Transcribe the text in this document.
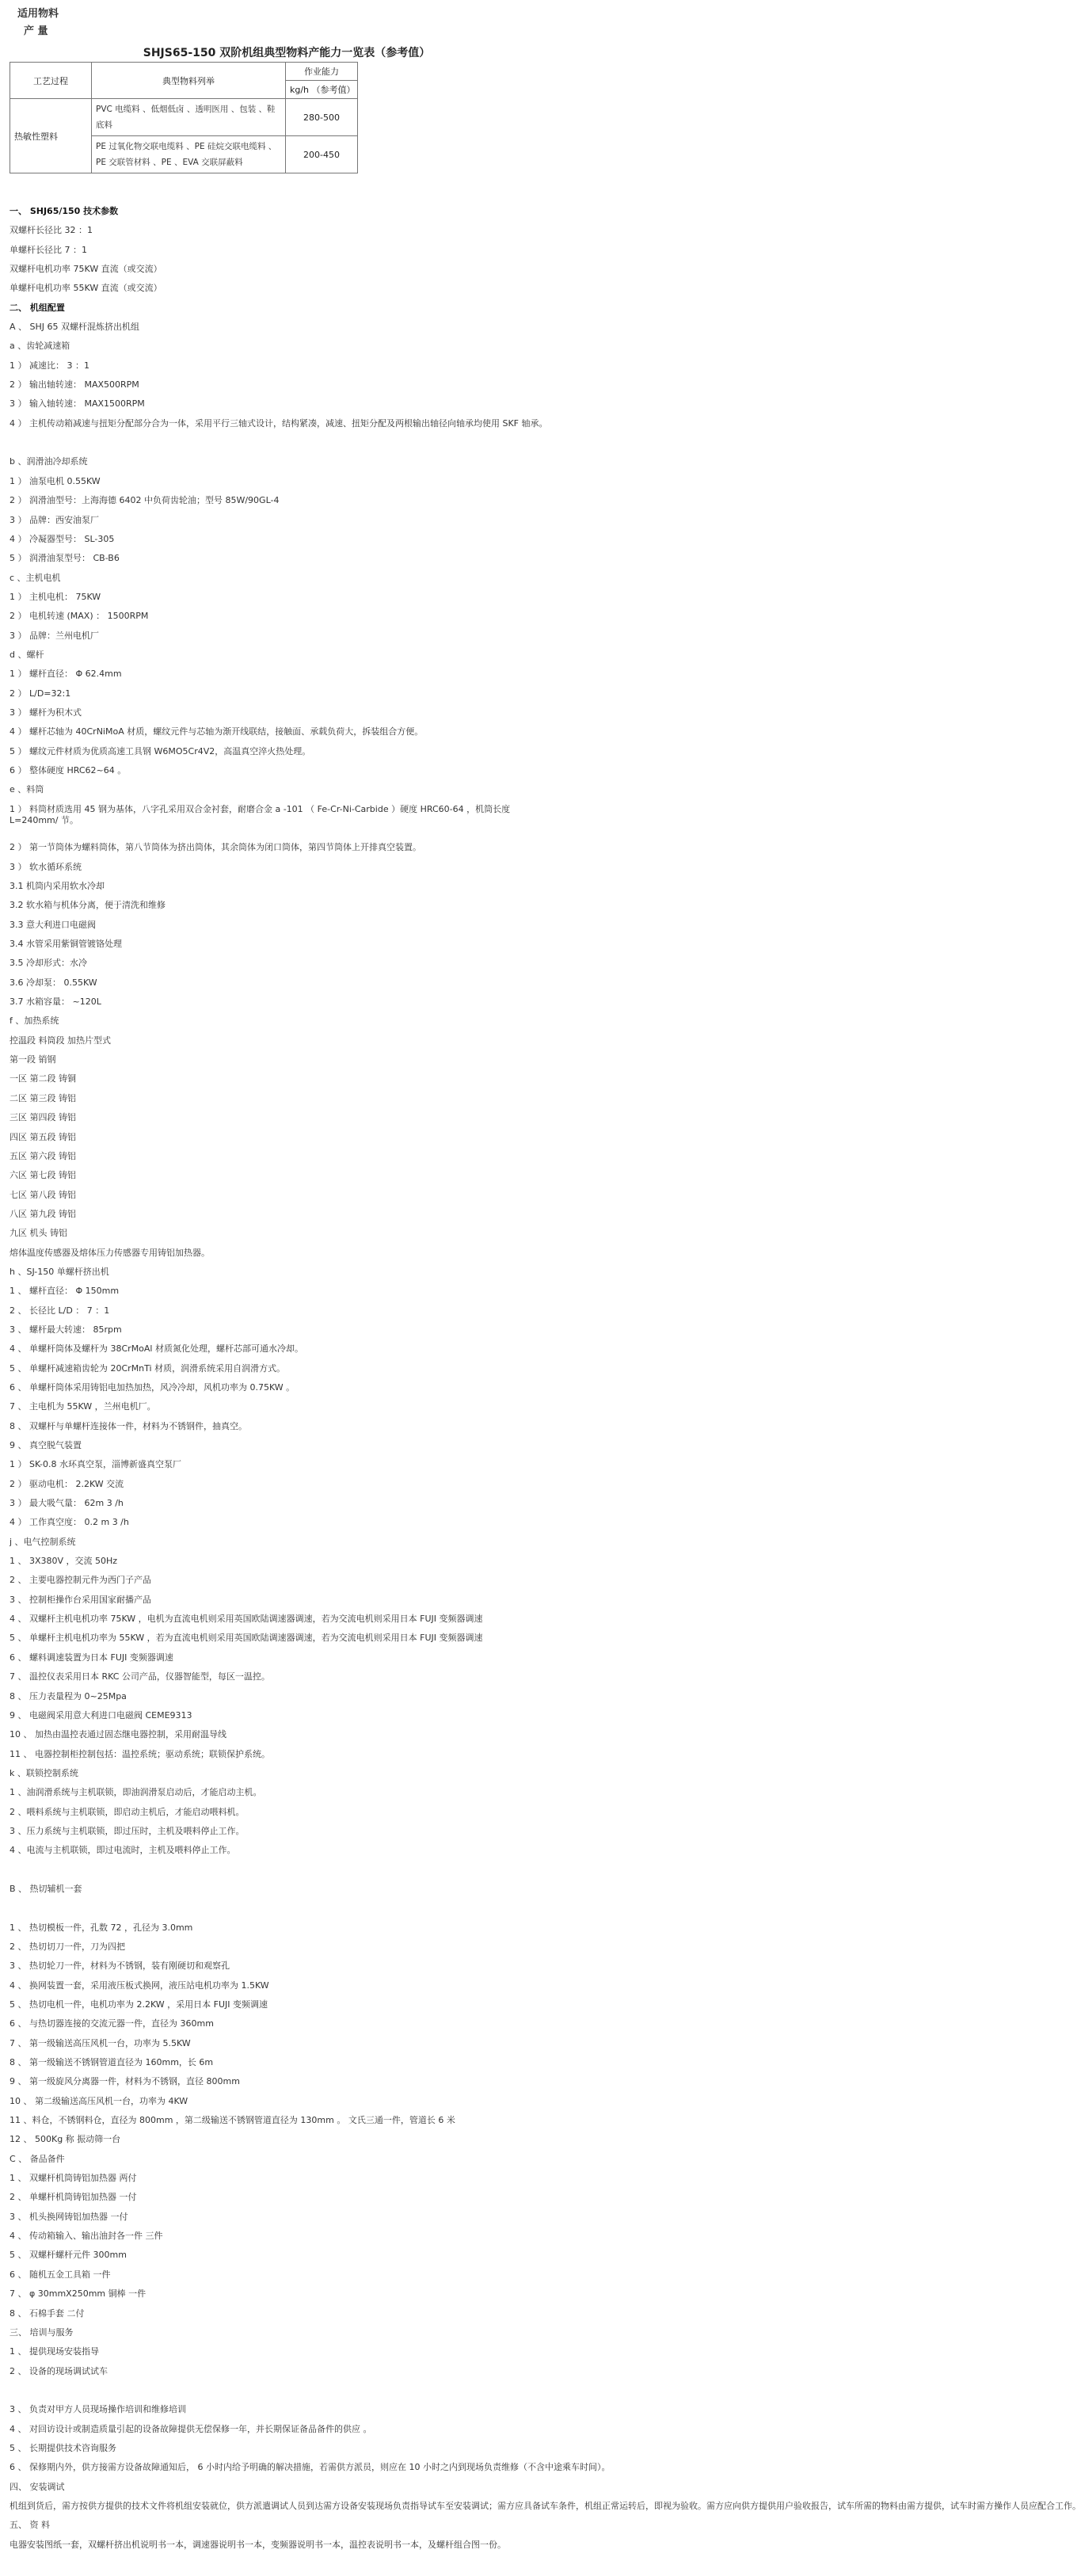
适用物料
产 量
SHJS65-150 双阶机组典型物料产能力一览表（参考值）
工艺过程	典型物料列举	作业能力
		kg/h （参考值）
热敏性塑料	PVC 电缆料 、低烟低卤 、透明医用 、包装 、鞋底料	280-500
	PE 过氧化物交联电缆料 、PE 硅烷交联电缆料 、PE 交联管材料 、PE 、EVA 交联屏蔽料	200-450
一、 SHJ65/150 技术参数
双螺杆长径比 32 ：1
单螺杆长径比 7 ：1
双螺杆电机功率 75KW 直流（或交流）
单螺杆电机功率 55KW 直流（或交流）
二、 机组配置
A 、 SHJ 65 双螺杆混炼挤出机组
a 、齿轮减速箱
1 ） 减速比： 3 ：1
2 ） 输出轴转速： MAX500RPM
3 ） 输入轴转速： MAX1500RPM
4 ） 主机传动箱减速与扭矩分配部分合为一体，采用平行三轴式设计，结构紧凑，减速、扭矩分配及两根输出轴径向轴承均使用 SKF 轴承。
b 、润滑油冷却系统
1 ） 油泵电机 0.55KW
2 ） 润滑油型号：上海海德 6402 中负荷齿轮油；型号 85W/90GL-4
3 ） 品牌：西安油泵厂
4 ） 冷凝器型号： SL-305
5 ） 润滑油泵型号： CB-B6
c 、主机电机
1 ） 主机电机： 75KW
2 ） 电机转速 (MAX) ： 1500RPM
3 ） 品牌：兰州电机厂
d 、螺杆
1 ） 螺杆直径： Φ 62.4mm
2 ） L/D=32:1
3 ） 螺杆为积木式
4 ） 螺杆芯轴为 40CrNiMoA 材质，螺纹元件与芯轴为渐开线联结，接触面、承载负荷大，拆装组合方便。
5 ） 螺纹元件材质为优质高速工具钢 W6MO5Cr4V2，高温真空淬火热处理。
6 ） 整体硬度 HRC62~64 。
e 、料筒
1 ） 料筒材质选用 45 钢为基体，八字孔采用双合金衬套，耐磨合金 a -101 （ Fe-Cr-Ni-Carbide ）硬度 HRC60-64 ，机筒长度 L=240mm/ 节。
2 ） 第一节筒体为螺料筒体，第八节筒体为挤出筒体，其余筒体为闭口筒体，第四节筒体上开排真空装置。
3 ） 软水循环系统
3.1 机筒内采用软水冷却
3.2 软水箱与机体分离，便于清洗和维修
3.3 意大利进口电磁阀
3.4 水管采用紫铜管镀铬处理
3.5 冷却形式：水冷
3.6 冷却泵： 0.55KW
3.7 水箱容量： ~120L
f 、加热系统
控温段 料筒段 加热片型式
第一段 销钢
一区 第二段 铸铜
二区 第三段 铸铝
三区 第四段 铸铝
四区 第五段 铸铝
五区 第六段 铸铝
六区 第七段 铸铝
七区 第八段 铸铝
八区 第九段 铸铝
九区 机头 铸铝
熔体温度传感器及熔体压力传感器专用铸铝加热器。
h 、SJ-150 单螺杆挤出机
1 、 螺杆直径： Φ 150mm
2 、 长径比 L/D ： 7 ：1
3 、 螺杆最大转速： 85rpm
4 、 单螺杆筒体及螺杆为 38CrMoAl 材质氮化处理，螺杆芯部可通水冷却。
5 、 单螺杆减速箱齿轮为 20CrMnTi 材质，润滑系统采用自润滑方式。
6 、 单螺杆筒体采用铸铝电加热加热，风冷冷却，风机功率为 0.75KW 。
7 、 主电机为 55KW ，兰州电机厂。
8 、 双螺杆与单螺杆连接体一件，材料为不锈钢件，抽真空。
9 、 真空脱气装置
1 ） SK-0.8 水环真空泵，淄博新盛真空泵厂
2 ） 驱动电机： 2.2KW 交流
3 ） 最大吸气量： 62m 3 /h
4 ） 工作真空度： 0.2 m 3 /h
j 、电气控制系统
1 、 3X380V ，交流 50Hz
2 、 主要电器控制元件为西门子产品
3 、 控制柜操作台采用国家耐播产品
4 、 双螺杆主机电机功率 75KW ，电机为直流电机则采用英国欧陆调速器调速，若为交流电机则采用日本 FUJI 变频器调速
5 、 单螺杆主机电机功率为 55KW ，若为直流电机则采用英国欧陆调速器调速，若为交流电机则采用日本 FUJI 变频器调速
6 、 螺料调速装置为日本 FUJI 变频器调速
7 、 温控仪表采用日本 RKC 公司产品，仪器智能型，每区一温控。
8 、 压力表量程为 0~25Mpa
9 、 电磁阀采用意大利进口电磁阀 CEME9313
10 、 加热由温控表通过固态继电器控制，采用耐温导线
11 、 电器控制柜控制包括：温控系统；驱动系统；联锁保护系统。
k 、联锁控制系统
1 、油润滑系统与主机联锁，即油润滑泵启动后，才能启动主机。
2 、喂料系统与主机联锁，即启动主机后，才能启动喂料机。
3 、压力系统与主机联锁，即过压时，主机及喂料停止工作。
4 、电流与主机联锁，即过电流时，主机及喂料停止工作。
B 、 热切辅机一套
1 、 热切模板一件，孔数 72 ，孔径为 3.0mm
2 、 热切切刀一件，刀为四把
3 、 热切轮刀一件，材料为不锈钢，装有刚硬切和观察孔
4 、 换网装置一套，采用液压板式换网，液压站电机功率为 1.5KW
5 、 热切电机一件，电机功率为 2.2KW ，采用日本 FUJI 变频调速
6 、 与热切器连接的交流元器一件，直径为 360mm
7 、 第一级输送高压风机一台，功率为 5.5KW
8 、 第一级输送不锈钢管道直径为 160mm，长 6m
9 、 第一级旋风分离器一件，材料为不锈钢，直径 800mm
10 、 第二级输送高压风机一台，功率为 4KW
11 、料仓，不锈钢料仓，直径为 800mm ，第二级输送不锈钢管道直径为 130mm 。 文氏三通一件，管道长 6 米
12 、 500Kg 称 振动筛一台
C 、 备品备件
1 、 双螺杆机筒铸铝加热器 两付
2 、 单螺杆机筒铸铝加热器 一付
3 、 机头换网铸铝加热器 一付
4 、 传动箱输入、输出油封各一件 三件
5 、 双螺杆螺杆元件 300mm
6 、 随机五金工具箱 一件
7 、 φ 30mmX250mm 铜棒 一件
8 、 石棉手套 二付
三、 培训与服务
1 、 提供现场安装指导
2 、 设备的现场调试试车
3 、 负责对甲方人员现场操作培训和维修培训
4 、 对回访设计或制造质量引起的设备故障提供无偿保修一年，并长期保证备品备件的供应 。
5 、 长期提供技术咨询服务
6 、 保修期内外，供方接需方设备故障通知后， 6 小时内给予明确的解决措施，若需供方派员，则应在 10 小时之内到现场负责维修（不含中途乘车时间）。
四、 安装调试
机组到货后，需方按供方提供的技术文件将机组安装就位，供方派遣调试人员到达需方设备安装现场负责指导试车至安装调试；需方应具备试车条件，机组正常运转后，即视为验收。需方应向供方提供用户验收报告，试车所需的物料由需方提供，试车时需方操作人员应配合工作。
五、 资 料
电器安装图纸一套，双螺杆挤出机说明书一本，调速器说明书一本，变频器说明书一本，温控表说明书一本，及螺杆组合图一份。
